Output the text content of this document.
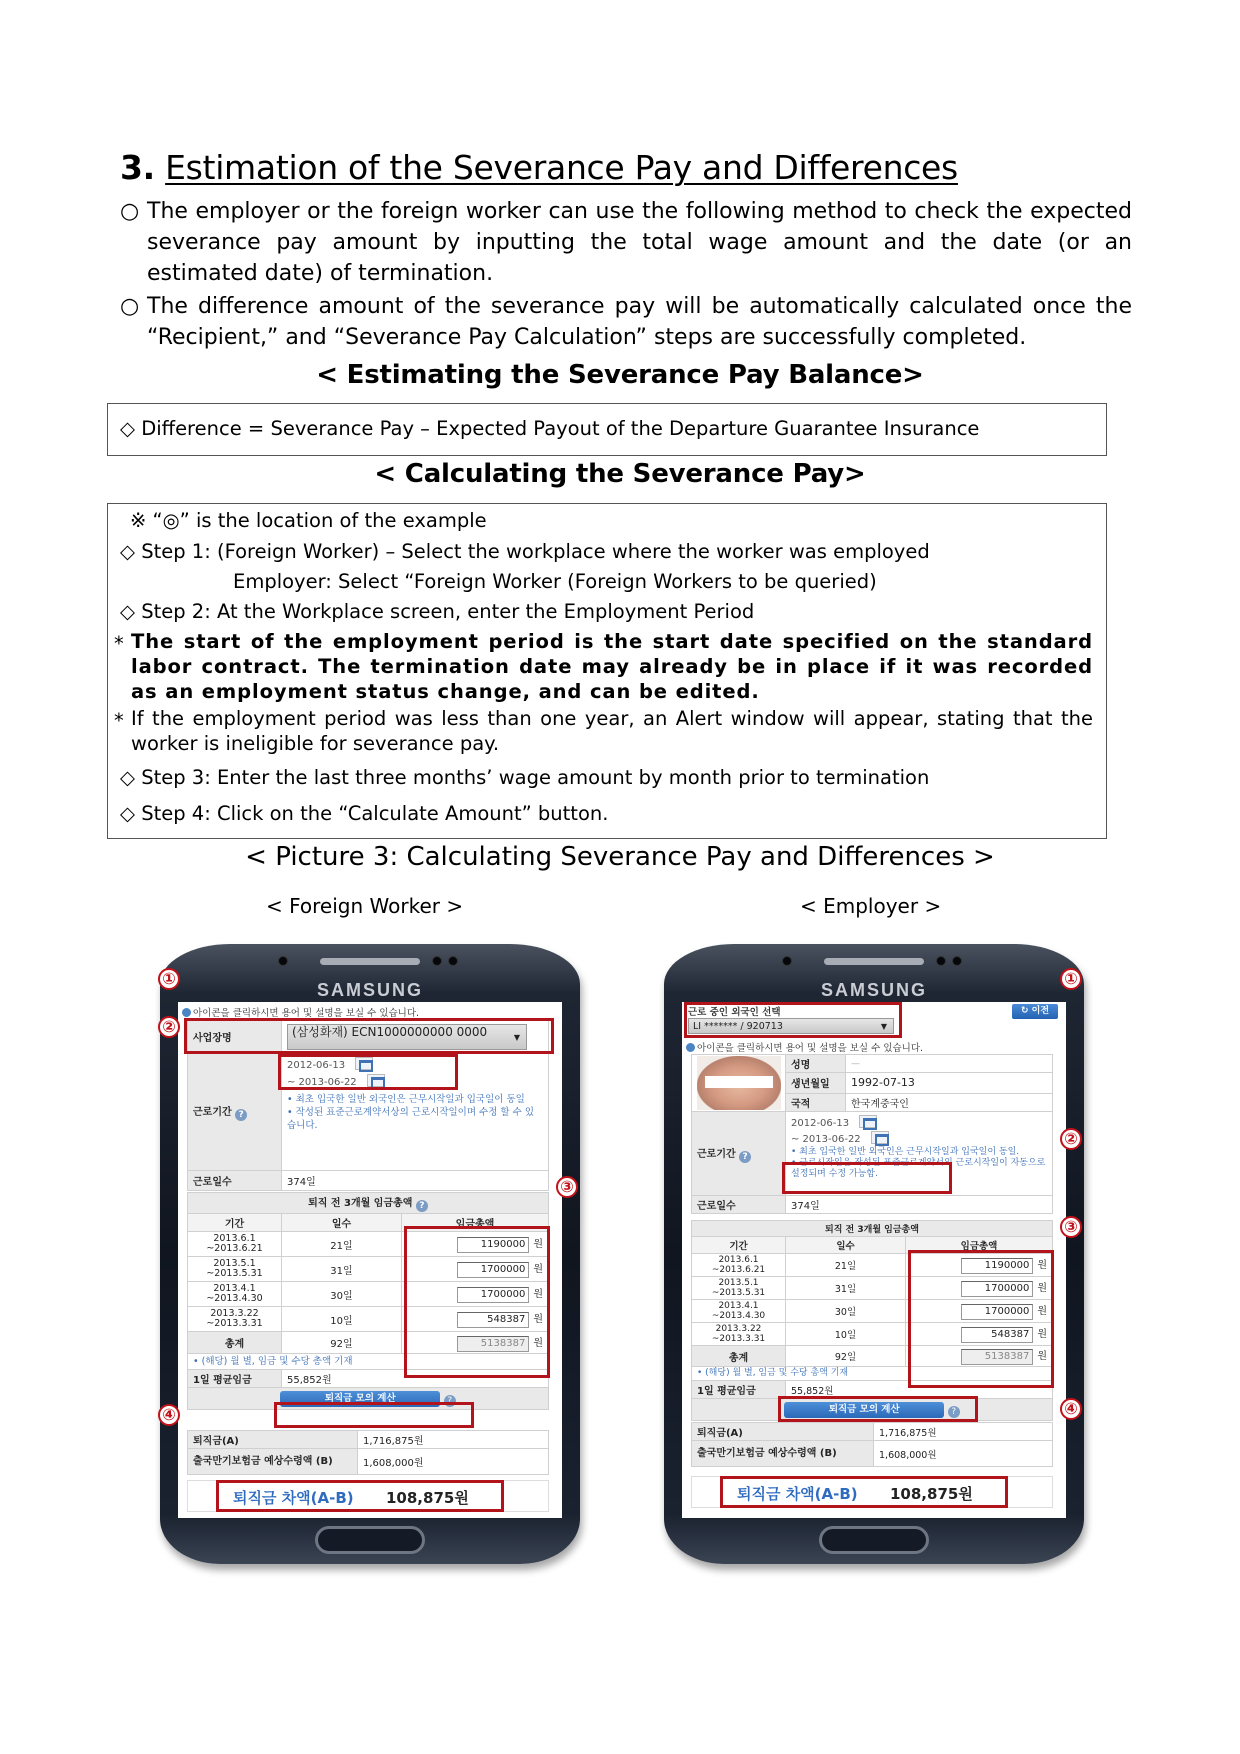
3. Estimation of the Severance Pay and Differences
○ The employer or the foreign worker can use the following method to check the expected severance pay amount by inputting the total wage amount and the date (or an estimated date) of termination.
○ The difference amount of the severance pay will be automatically calculated once the “Recipient,” and “Severance Pay Calculation” steps are successfully completed.
< Estimating the Severance Pay Balance>
◇ Difference = Severance Pay – Expected Payout of the Departure Guarantee Insurance
< Calculating the Severance Pay>
※ “◎” is the location of the example
◇ Step 1: (Foreign Worker) – Select the workplace where the worker was employed
Employer: Select “Foreign Worker (Foreign Workers to be queried)
◇ Step 2: At the Workplace screen, enter the Employment Period
* The start of the employment period is the start date specified on the standard labor contract. The termination date may already be in place if it was recorded as an employment status change, and can be edited.
* If the employment period was less than one year, an Alert window will appear, stating that the worker is ineligible for severance pay.
◇ Step 3: Enter the last three months’ wage amount by month prior to termination
◇ Step 4: Click on the “Calculate Amount” button.
< Picture 3: Calculating Severance Pay and Differences >
< Foreign Worker >	< Employer >
SAMSUNG
아이콘을 클릭하시면 용어 및 설명을 보실 수 있습니다.
사업장명	(삼성화재) ECN1000000000 0000 ▼

근로기간 ?	2012-06-13
~ 2013-06-22
• 최초 입국한 일반 외국인은 근무시작일과 입국일이 동일
• 작성된 표준근로계약서상의 근로시작일이며 수정 할 수 있습니다.

근로일수	374일
퇴직 전 3개월 임금총액 ?		
기간	일수	임금총액

2013.6.1
~2013.6.21	21일	1190000 원

2013.5.1
~2013.5.31	31일	1700000 원

2013.4.1
~2013.4.30	30일	1700000 원

2013.3.22
~2013.3.31	10일	548387 원
총계	92일	5138387 원
• (해당) 월 별, 임금 및 수당 총액 기재		
1일 평균임금	55,852원	
퇴직금 모의 계산 ?		
퇴직금(A)	1,716,875원
출국만기보험금 예상수령액 (B)	1,608,000원
퇴직금 차액(A-B) 108,875원
SAMSUNG
근로 중인 외국인 선택
LI ******* / 920713	▼
↻ 이전
아이콘을 클릭하시면 용어 및 설명을 보실 수 있습니다.
	성명	—
	생년월일	1992-07-13
	국적	한국계중국인
근로기간 ?	2012-06-13
~ 2013-06-22
• 최초 입국한 일반 외국인은 근무시작일과 입국일이 동일.
• 근로시작일은 작성된 표준근로계약서의 근로시작일이 자동으로 설정되며 수정 가능함.	

근로일수	374일	
퇴직 전 3개월 임금총액		
기간	일수	임금총액

2013.6.1
~2013.6.21	21일	1190000 원

2013.5.1
~2013.5.31	31일	1700000 원

2013.4.1
~2013.4.30	30일	1700000 원

2013.3.22
~2013.3.31	10일	548387 원
총계	92일	5138387 원
• (해당) 월 별, 임금 및 수당 총액 기재		
1일 평균임금	55,852원	
퇴직금 모의 계산 ?		
퇴직금(A)	1,716,875원
출국만기보험금 예상수령액 (B)	1,608,000원
퇴직금 차액(A-B) 108,875원
①
②
③
④
①
②
③
④
